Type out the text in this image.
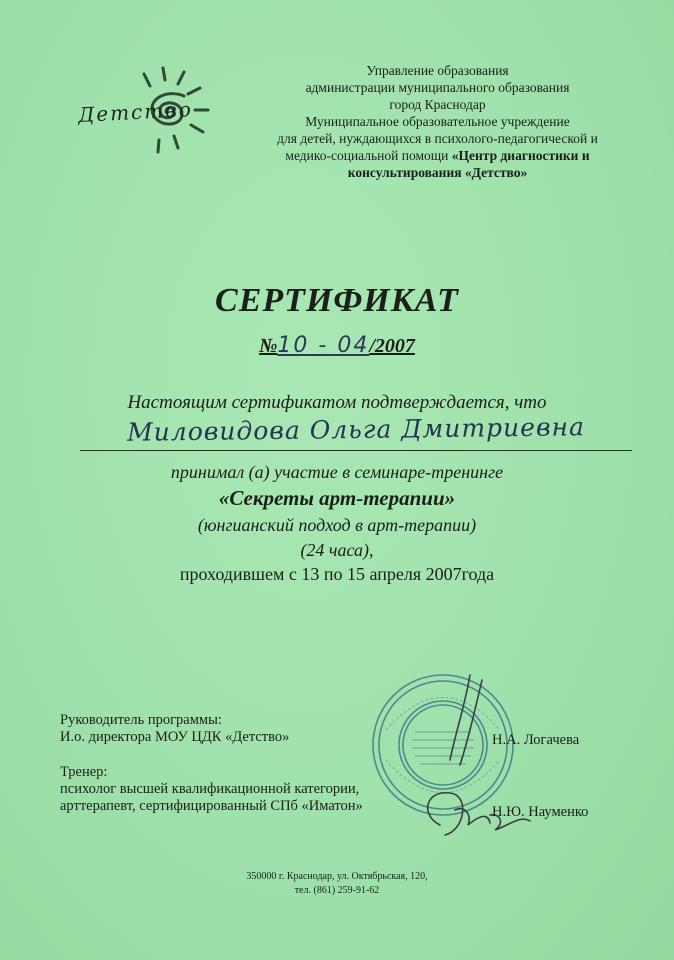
Детство
Управление образования
администрации муниципального образования
город Краснодар
Муниципальное образовательное учреждение
для детей, нуждающихся в психолого-педагогической и
медико-социальной помощи «Центр диагностики и
консультирования «Детство»
СЕРТИФИКАТ
№10 - 04/2007
Настоящим сертификатом подтверждается, что
Миловидова Ольга Дмитриевна
принимал (а) участие в семинаре-тренинге
«Секреты арт-терапии»
(юнгианский подход в арт-терапии)
(24 часа),
проходившем с 13 по 15 апреля 2007года
Руководитель программы:
И.о. директора МОУ ЦДК «Детство»	Н.А. Логачева
Тренер:
психолог высшей квалификационной категории,
арттерапевт, сертифицированный СПб «Иматон»	Н.Ю. Науменко
350000 г. Краснодар, ул. Октябрьская, 120,
тел. (861) 259-91-62
